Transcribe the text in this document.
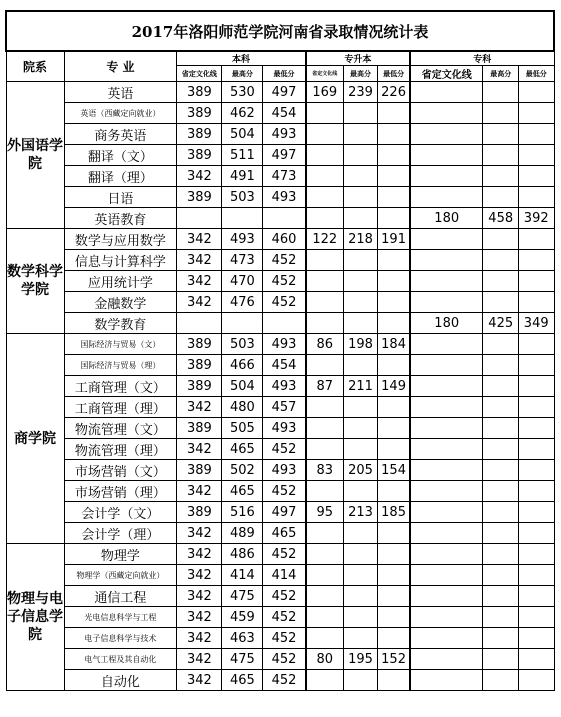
2017年洛阳师范学院河南省录取情况统计表										
院系	专 业	本科			专升本			专科		
		省定文化线	最高分	最低分	省定文化线	最高分	最低分	省定文化线	最高分	最低分
外国语学院	英语	389	530	497	169	239	226			
	英语（西藏定向就业）	389	462	454						
	商务英语	389	504	493						
	翻译（文）	389	511	497						
	翻译（理）	342	491	473						
	日语	389	503	493						
	英语教育							180	458	392
数学科学学院	数学与应用数学	342	493	460	122	218	191			
	信息与计算科学	342	473	452						
	应用统计学	342	470	452						
	金融数学	342	476	452						
	数学教育							180	425	349
商学院	国际经济与贸易（文）	389	503	493	86	198	184			
	国际经济与贸易（理）	389	466	454						
	工商管理（文）	389	504	493	87	211	149			
	工商管理（理）	342	480	457						
	物流管理（文）	389	505	493						
	物流管理（理）	342	465	452						
	市场营销（文）	389	502	493	83	205	154			
	市场营销（理）	342	465	452						
	会计学（文）	389	516	497	95	213	185			
	会计学（理）	342	489	465						
物理与电子信息学院	物理学	342	486	452						
	物理学（西藏定向就业）	342	414	414						
	通信工程	342	475	452						
	光电信息科学与工程	342	459	452						
	电子信息科学与技术	342	463	452						
	电气工程及其自动化	342	475	452	80	195	152			
	自动化	342	465	452						
